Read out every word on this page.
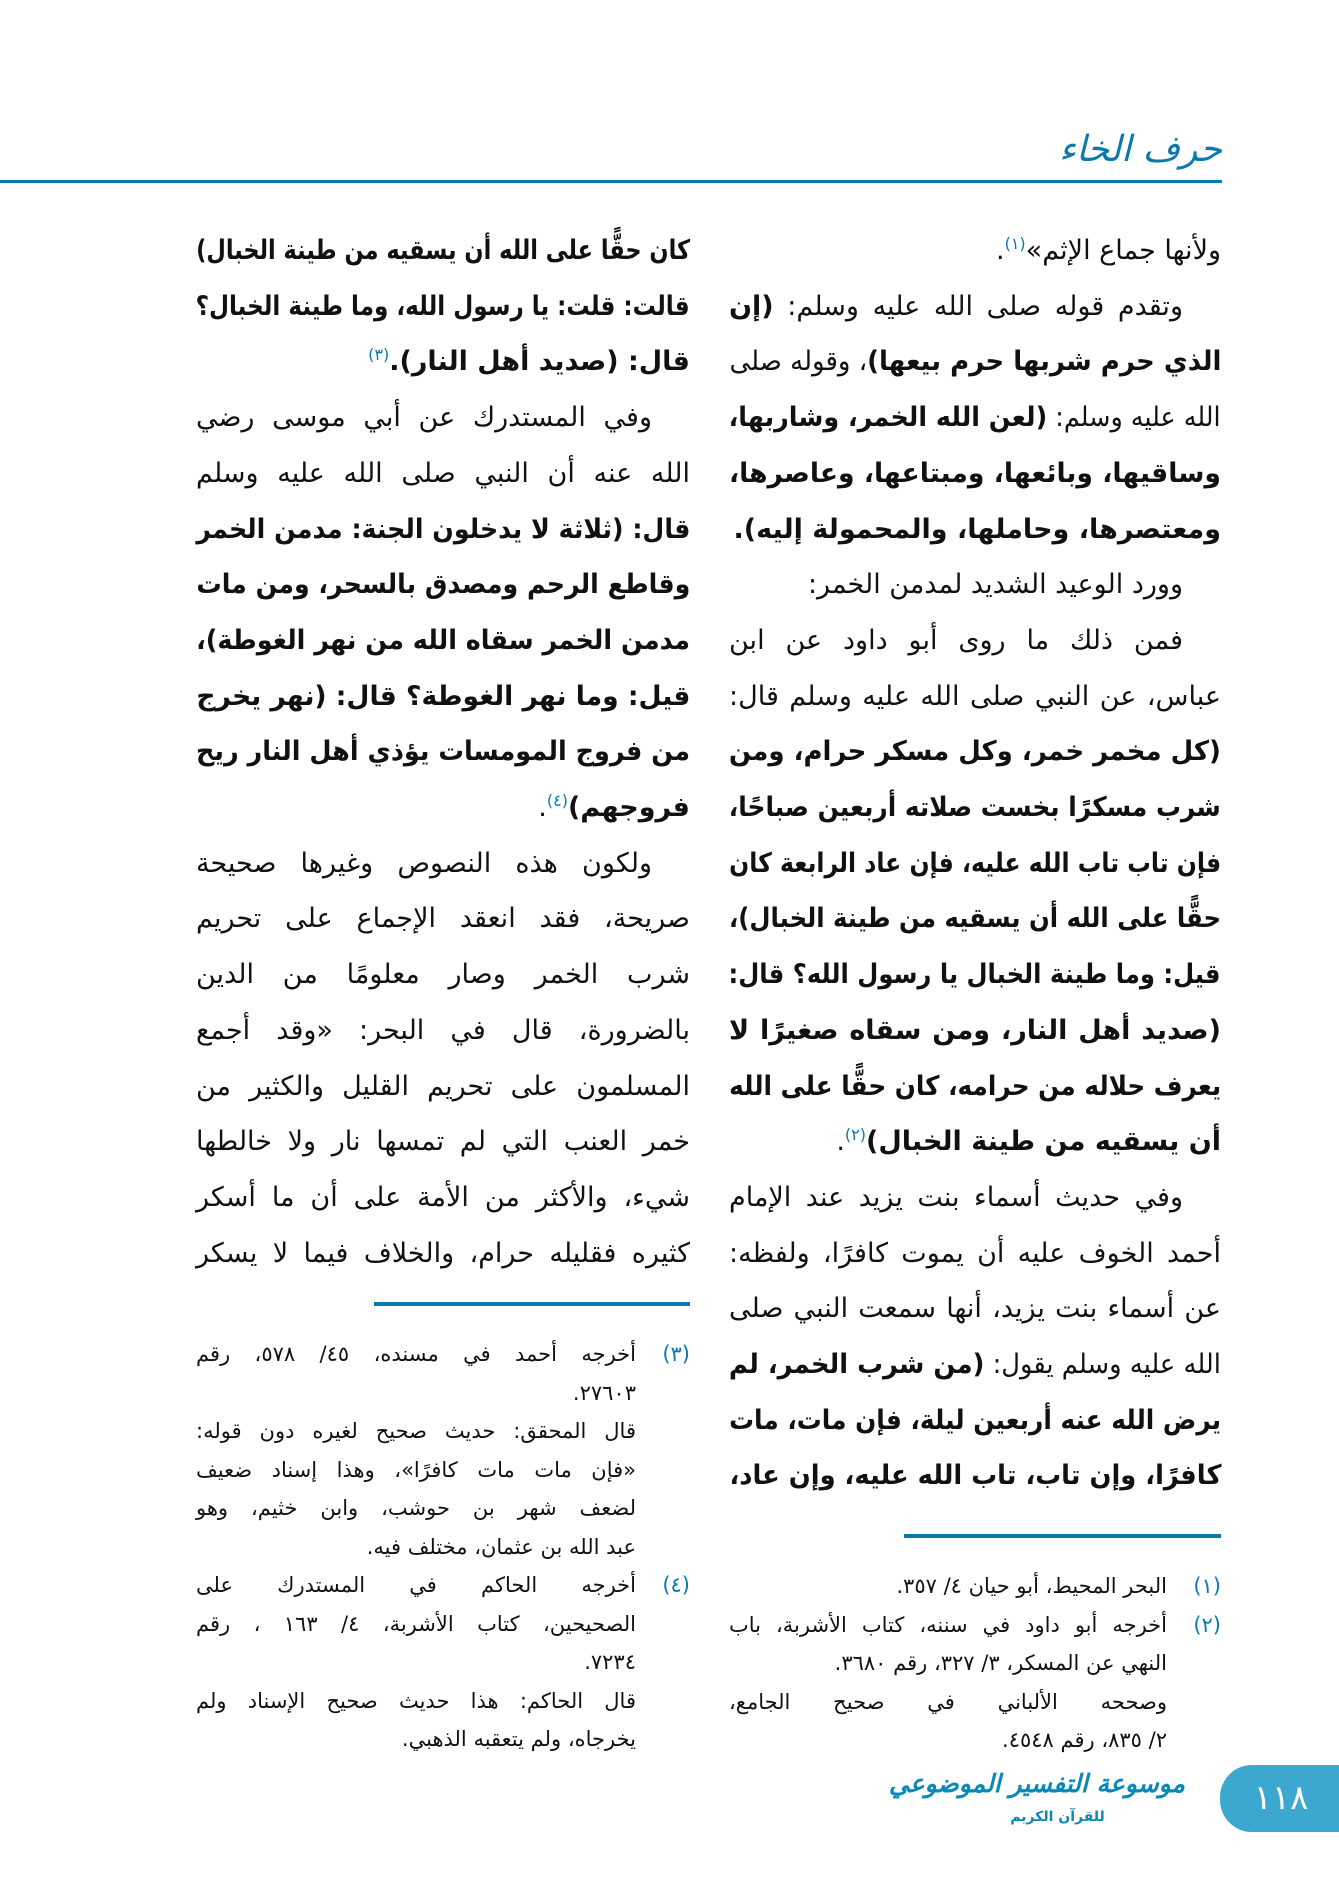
حرف الخاء
ولأنها جماع الإثم»$^{(١)}$.
وتقدم قوله صلى الله عليه وسلم: (إن
الذي حرم شربها حرم بيعها)، وقوله صلى
الله عليه وسلم: (لعن الله الخمر، وشاربها،
وساقيها، وبائعها، ومبتاعها، وعاصرها،
ومعتصرها، وحاملها، والمحمولة إليه).
وورد الوعيد الشديد لمدمن الخمر:
فمن ذلك ما روى أبو داود عن ابن
عباس، عن النبي صلى الله عليه وسلم قال:
(كل مخمر خمر، وكل مسكر حرام، ومن
شرب مسكرًا بخست صلاته أربعين صباحًا،
فإن تاب تاب الله عليه، فإن عاد الرابعة كان
حقًّا على الله أن يسقيه من طينة الخبال)،
قيل: وما طينة الخبال يا رسول الله؟ قال:
(صديد أهل النار، ومن سقاه صغيرًا لا
يعرف حلاله من حرامه، كان حقًّا على الله
أن يسقيه من طينة الخبال)$^{(٢)}$.
وفي حديث أسماء بنت يزيد عند الإمام
أحمد الخوف عليه أن يموت كافرًا، ولفظه:
عن أسماء بنت يزيد، أنها سمعت النبي صلى
الله عليه وسلم يقول: (من شرب الخمر، لم
يرض الله عنه أربعين ليلة، فإن مات، مات
كافرًا، وإن تاب، تاب الله عليه، وإن عاد،
(١)
البحر المحيط، أبو حيان ٤/ ٣٥٧.
(٢)
أخرجه أبو داود في سننه، كتاب الأشربة، باب
النهي عن المسكر، ٣/ ٣٢٧، رقم ٣٦٨٠.
وصححه الألباني في صحيح الجامع،
٢/ ٨٣٥، رقم ٤٥٤٨.
كان حقًّا على الله أن يسقيه من طينة الخبال)
قالت: قلت: يا رسول الله، وما طينة الخبال؟
قال: (صديد أهل النار).$^{(٣)}$
وفي المستدرك عن أبي موسى رضي
الله عنه أن النبي صلى الله عليه وسلم
قال: (ثلاثة لا يدخلون الجنة: مدمن الخمر
وقاطع الرحم ومصدق بالسحر، ومن مات
مدمن الخمر سقاه الله من نهر الغوطة)،
قيل: وما نهر الغوطة؟ قال: (نهر يخرج
من فروج المومسات يؤذي أهل النار ريح
فروجهم)$^{(٤)}$.
ولكون هذه النصوص وغيرها صحيحة
صريحة، فقد انعقد الإجماع على تحريم
شرب الخمر وصار معلومًا من الدين
بالضرورة، قال في البحر: «وقد أجمع
المسلمون على تحريم القليل والكثير من
خمر العنب التي لم تمسها نار ولا خالطها
شيء، والأكثر من الأمة على أن ما أسكر
كثيره فقليله حرام، والخلاف فيما لا يسكر
(٣)
أخرجه أحمد في مسنده، ٤٥/ ٥٧٨، رقم
٢٧٦٠٣.
قال المحقق: حديث صحيح لغيره دون قوله:
«فإن مات مات كافرًا»، وهذا إسناد ضعيف
لضعف شهر بن حوشب، وابن خثيم، وهو
عبد الله بن عثمان، مختلف فيه.
(٤)
أخرجه الحاكم في المستدرك على
الصحيحين، كتاب الأشربة، ٤/ ١٦٣ ، رقم
٧٢٣٤.
قال الحاكم: هذا حديث صحيح الإسناد ولم
يخرجاه، ولم يتعقبه الذهبي.
موسوعة التفسير الموضوعي
للقرآن الكريم	١١٨
